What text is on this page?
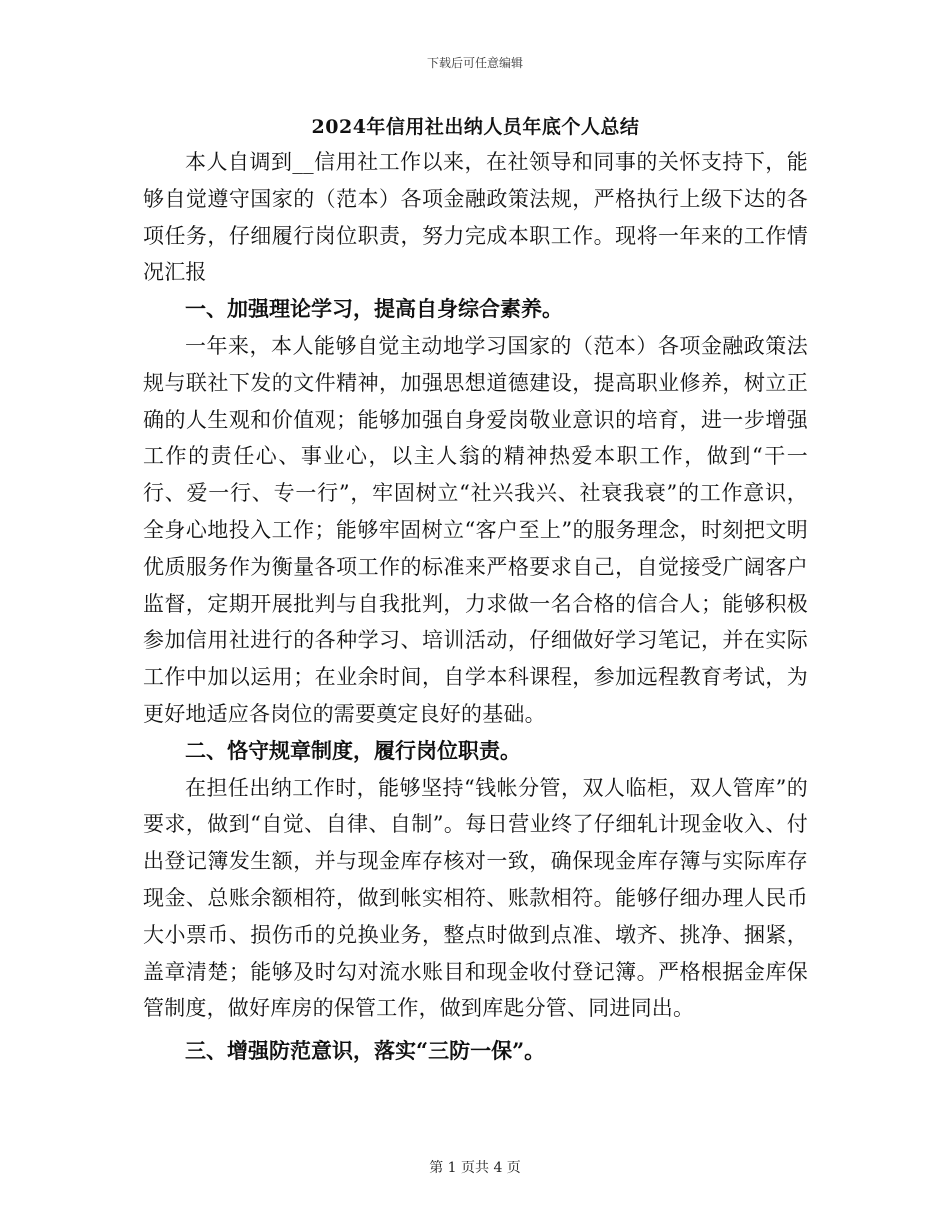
下载后可任意编辑
2024年信用社出纳人员年底个人总结

本人自调到__信用社工作以来，在社领导和同事的关怀支持下，能够自觉遵守国家的（范本）各项金融政策法规，严格执行上级下达的各项任务，仔细履行岗位职责，努力完成本职工作。现将一年来的工作情况汇报

一、加强理论学习，提高自身综合素养。

一年来，本人能够自觉主动地学习国家的（范本）各项金融政策法规与联社下发的文件精神，加强思想道德建设，提高职业修养，树立正确的人生观和价值观；能够加强自身爱岗敬业意识的培育，进一步增强工作的责任心、事业心，以主人翁的精神热爱本职工作，做到“干一行、爱一行、专一行”，牢固树立“社兴我兴、社衰我衰”的工作意识，全身心地投入工作；能够牢固树立“客户至上”的服务理念，时刻把文明优质服务作为衡量各项工作的标准来严格要求自己，自觉接受广阔客户监督，定期开展批判与自我批判，力求做一名合格的信合人；能够积极参加信用社进行的各种学习、培训活动，仔细做好学习笔记，并在实际工作中加以运用；在业余时间，自学本科课程，参加远程教育考试，为更好地适应各岗位的需要奠定良好的基础。

二、恪守规章制度，履行岗位职责。

在担任出纳工作时，能够坚持“钱帐分管，双人临柜，双人管库”的要求，做到“自觉、自律、自制”。每日营业终了仔细轧计现金收入、付出登记簿发生额，并与现金库存核对一致，确保现金库存簿与实际库存现金、总账余额相符，做到帐实相符、账款相符。能够仔细办理人民币大小票币、损伤币的兑换业务，整点时做到点准、墩齐、挑净、捆紧，盖章清楚；能够及时勾对流水账目和现金收付登记簿。严格根据金库保管制度，做好库房的保管工作，做到库匙分管、同进同出。

三、增强防范意识，落实“三防一保”。

第 1 页共 4 页
